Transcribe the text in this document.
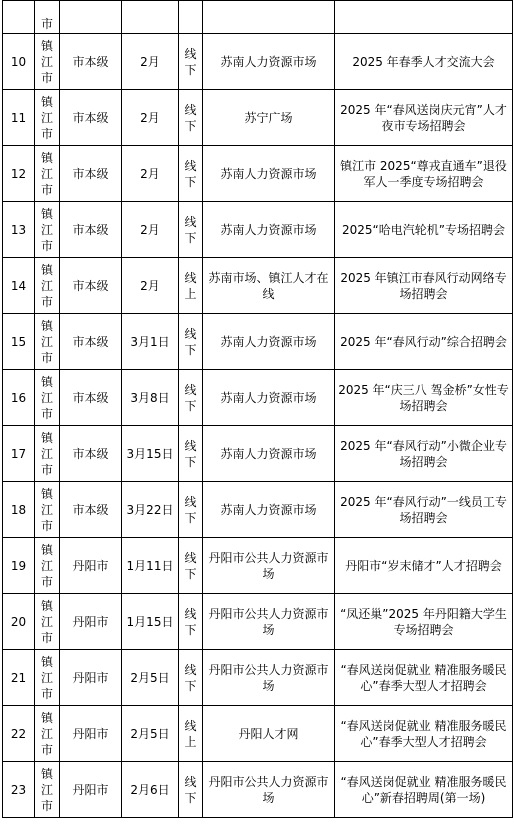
	市					
10	镇江市	市本级	2月	线下	苏南人力资源市场	2025 年春季人才交流大会
11	镇江市	市本级	2月	线下	苏宁广场	2025 年“春风送岗庆元宵”人才夜市专场招聘会
12	镇江市	市本级	2月	线下	苏南人力资源市场	镇江市 2025“尊戎直通车”退役军人一季度专场招聘会
13	镇江市	市本级	2月	线下	苏南人力资源市场	2025“哈电汽轮机”专场招聘会
14	镇江市	市本级	2月	线上	苏南市场、镇江人才在线	2025 年镇江市春风行动网络专场招聘会
15	镇江市	市本级	3月1日	线下	苏南人力资源市场	2025 年“春风行动”综合招聘会
16	镇江市	市本级	3月8日	线下	苏南人力资源市场	2025 年“庆三八 驾金桥”女性专场招聘会
17	镇江市	市本级	3月15日	线下	苏南人力资源市场	2025 年“春风行动”小微企业专场招聘会
18	镇江市	市本级	3月22日	线下	苏南人力资源市场	2025 年“春风行动”一线员工专场招聘会
19	镇江市	丹阳市	1月11日	线下	丹阳市公共人力资源市场	丹阳市“岁末储才”人才招聘会
20	镇江市	丹阳市	1月15日	线下	丹阳市公共人力资源市场	“凤还巢”2025 年丹阳籍大学生专场招聘会
21	镇江市	丹阳市	2月5日	线下	丹阳市公共人力资源市场	“春风送岗促就业 精准服务暖民心”春季大型人才招聘会
22	镇江市	丹阳市	2月5日	线上	丹阳人才网	“春风送岗促就业 精准服务暖民心”春季大型人才招聘会
23	镇江市	丹阳市	2月6日	线下	丹阳市公共人力资源市场	“春风送岗促就业 精准服务暖民心”新春招聘周(第一场)
